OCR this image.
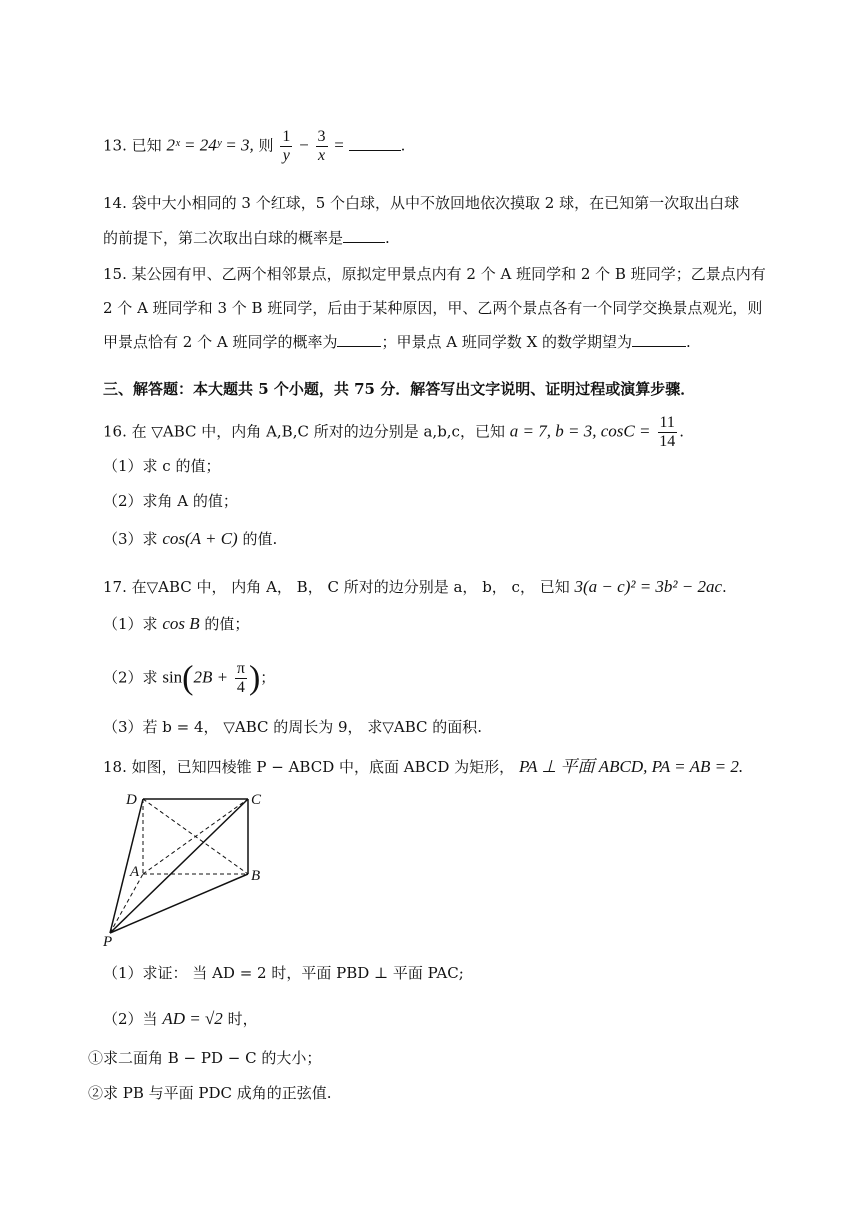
13. 已知 2ˣ = 24ʸ = 3, 则 $\frac{1}{y} - \frac{3}{x}$ =	.
14. 袋中大小相同的 3 个红球，5 个白球，从中不放回地依次摸取 2 球，在已知第一次取出白球
的前提下，第二次取出白球的概率是	.
15. 某公园有甲、乙两个相邻景点，原拟定甲景点内有 2 个 A 班同学和 2 个 B 班同学；乙景点内有
2 个 A 班同学和 3 个 B 班同学，后由于某种原因，甲、乙两个景点各有一个同学交换景点观光，则
甲景点恰有 2 个 A 班同学的概率为	；甲景点 A 班同学数 X 的数学期望为	.
三、解答题：本大题共 5 个小题，共 75 分．解答写出文字说明、证明过程或演算步骤．
16. 在 ▽ABC 中，内角 A,B,C 所对的边分别是 a,b,c，已知 a = 7, b = 3, $\cos C = \frac{11}{14}$ .
（1）求 c 的值；
（2）求角 A 的值；
（3）求 cos(A + C) 的值.
17. 在▽ABC 中， 内角 A， B， C 所对的边分别是 a， b， c， 已知 3(a − c)² = 3b² − 2ac.
（1）求 cos B 的值；
（2）求 $\sin(2B + \frac{\pi}{4}$ )；
（3）若 b = 4， ▽ABC 的周长为 9， 求▽ABC 的面积.
18. 如图，已知四棱锥 P − ABCD 中，底面 ABCD 为矩形， PA ⊥ 平面 ABCD, PA = AB = 2.
D	C
A	B
P
（1）求证： 当 AD = 2 时，平面 PBD ⊥ 平面 PAC;
（2）当 AD = √2 时，
①求二面角 B − PD − C 的大小；
②求 PB 与平面 PDC 成角的正弦值.
